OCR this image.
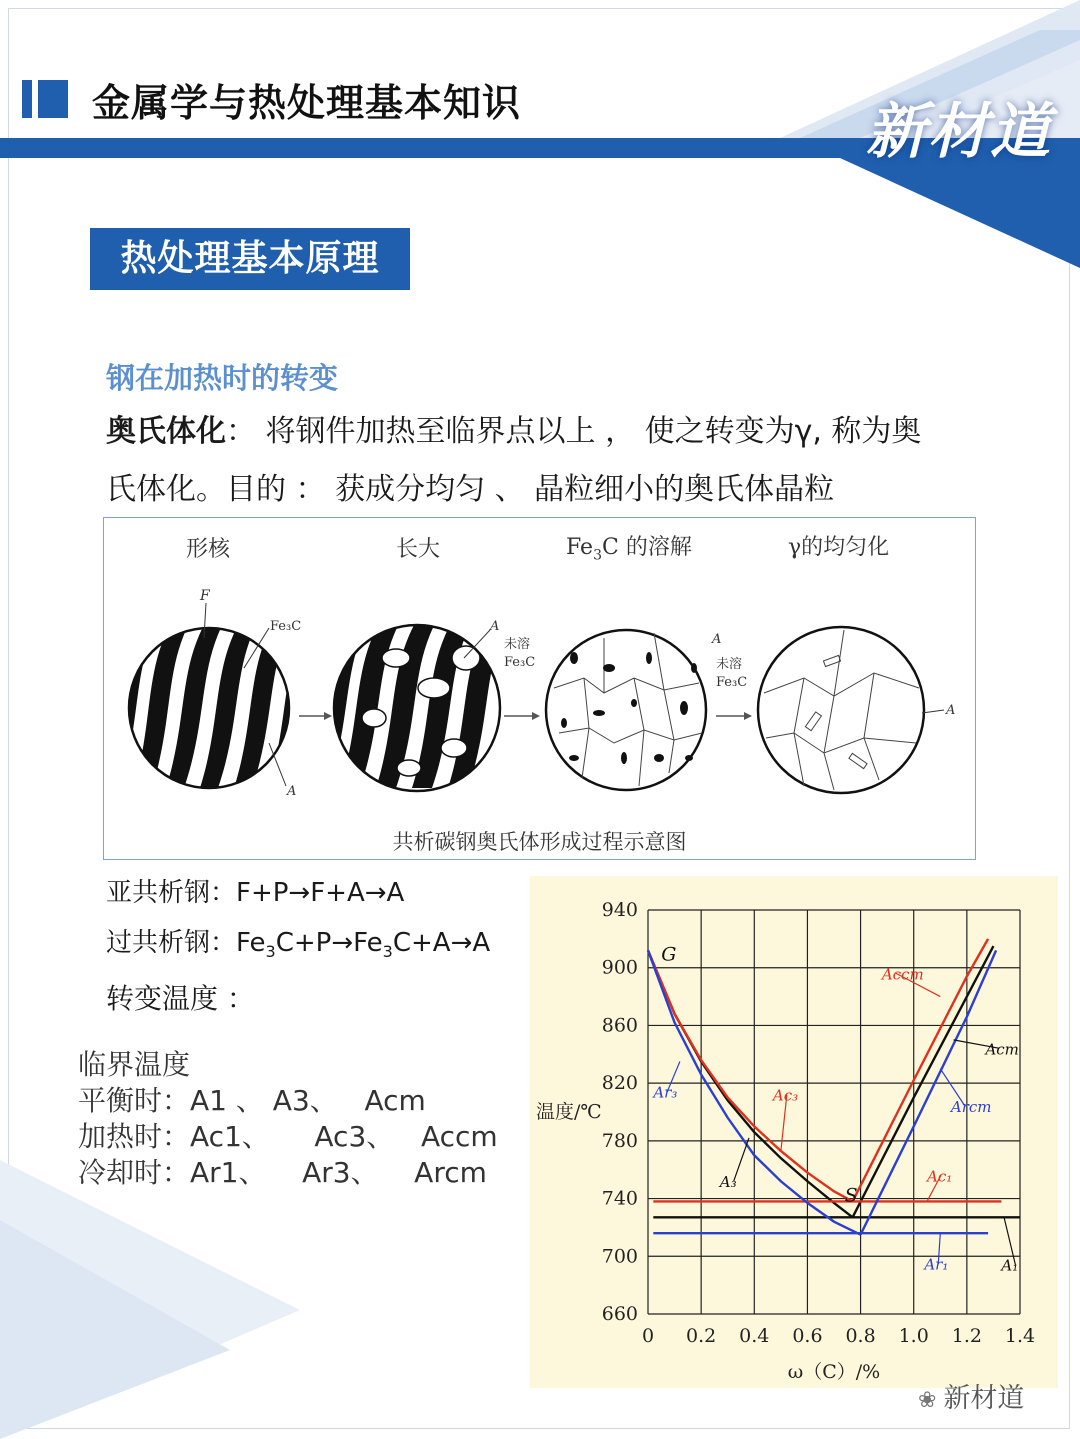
金属学与热处理基本知识	新材道
热处理基本原理
钢在加热时的转变
奥氏体化： 将钢件加热至临界点以上 ， 使之转变为γ, 称为奥
氏体化。目的 ： 获成分均匀 、 晶粒细小的奥氏体晶粒
形核	长大	$Fe_3C$ 的溶解	γ的均匀化
F
Fe₃C
A
A
未溶
Fe₃C
A
未溶
Fe₃C
A
共析碳钢奥氏体形成过程示意图
亚共析钢：F+P→F+A→A
过共析钢：$Fe_3C+P\to Fe_3C+A\to A$
转变温度 ：
临界温度
平衡时：A1 、 A3、   Acm
加热时：Ac1、     Ac3、   Accm
冷却时：Ar1、    Ar3、    Arcm
0 0.2 0.4 0.6 0.8 1.0 1.2 1.4
660
700
740
780
820
860
900
940
ω（C）/%
温度/℃
A₃
Acm
A₁
Ac₃
Accm
Ac₁
Ar₃
Arcm
Ar₁
G
S
❀ 新材道
